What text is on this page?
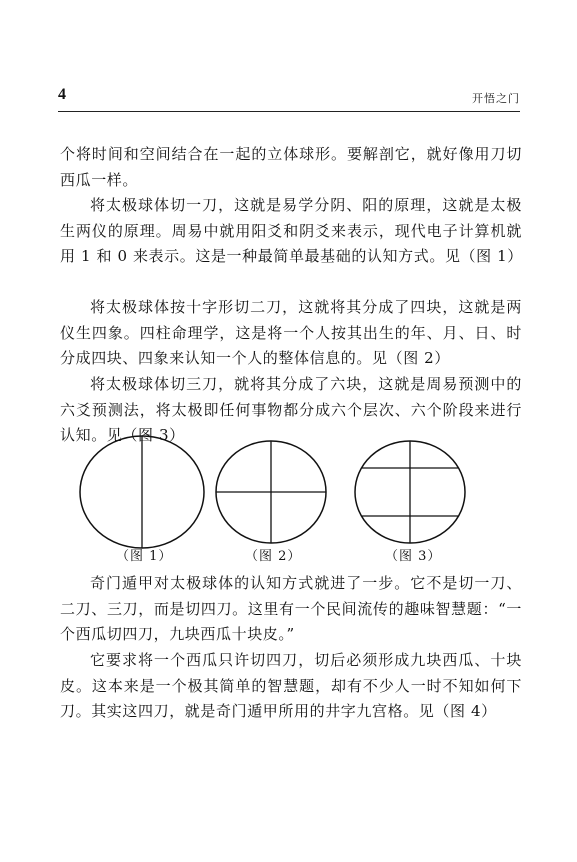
4	开悟之门

个将时间和空间结合在一起的立体球形。要解剖它，就好像用刀切西瓜一样。

将太极球体切一刀，这就是易学分阴、阳的原理，这就是太极生两仪的原理。周易中就用阳爻和阴爻来表示，现代电子计算机就用 1 和 0 来表示。这是一种最简单最基础的认知方式。见（图 1）

将太极球体按十字形切二刀，这就将其分成了四块，这就是两仪生四象。四柱命理学，这是将一个人按其出生的年、月、日、时分成四块、四象来认知一个人的整体信息的。见（图 2）

将太极球体切三刀，就将其分成了六块，这就是周易预测中的六爻预测法，将太极即任何事物都分成六个层次、六个阶段来进行认知。见（图 3）

（图 1）	（图 2）	（图 3）

奇门遁甲对太极球体的认知方式就进了一步。它不是切一刀、二刀、三刀，而是切四刀。这里有一个民间流传的趣味智慧题：“一个西瓜切四刀，九块西瓜十块皮。”

它要求将一个西瓜只许切四刀，切后必须形成九块西瓜、十块皮。这本来是一个极其简单的智慧题，却有不少人一时不知如何下刀。其实这四刀，就是奇门遁甲所用的井字九宫格。见（图 4）
